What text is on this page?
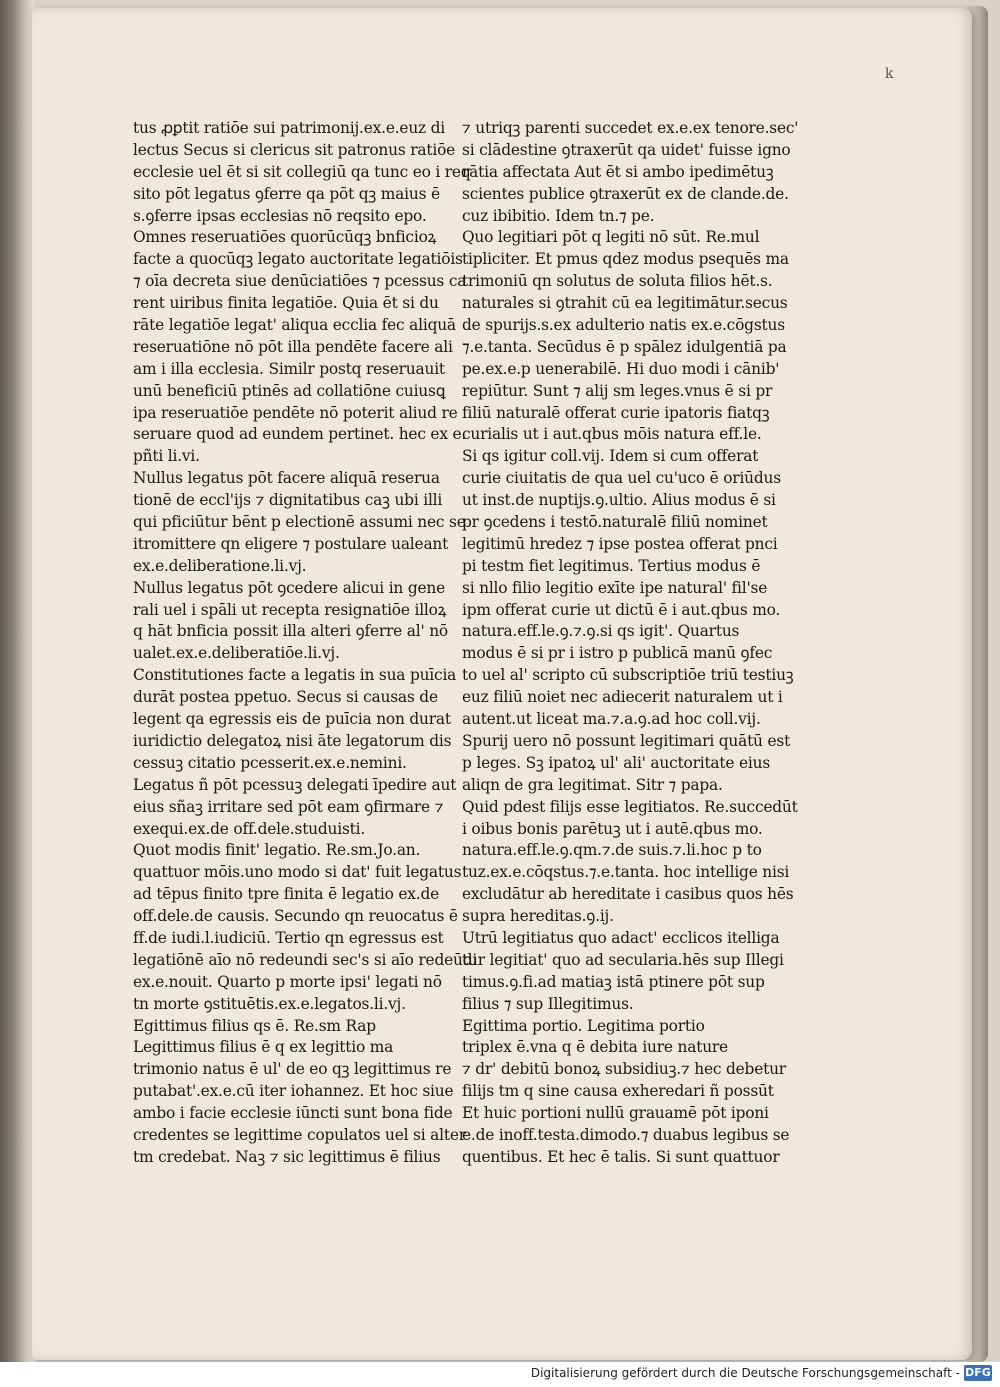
k
tus ꝓꝑtit ratiōe sui patrimonij.ex.e.euz di
lectus Secus si clericus sit patronus ratiōe
ecclesie uel ēt si sit collegiū qa tunc eo i req
sito pōt legatus ꝯferre qa pōt qꝫ maius ē
s.ꝯferre ipsas ecclesias nō reqsito epo.
Omnes reseruatiōes quorūcūqꝫ bnficioꝝ
facte a quocūqꝫ legato auctoritate legatiōis
⁊ oīa decreta siue denūciatiōes ⁊ pcessus ca
rent uiribus finita legatiōe. Quia ēt si du
rāte legatiōe legat' aliqua ecclia fec aliquā
reseruatiōne nō pōt illa pendēte facere ali
am i illa ecclesia. Similr postq reseruauit
unū beneficiū ptinēs ad collatiōne cuiusꝗ
ipa reseruatiōe pendēte nō poterit aliud re
seruare quod ad eundem pertinet. hec ex e.
pñti li.vi.
Nullus legatus pōt facere aliquā reserua
tionē de eccl'ijs ⁊ dignitatibus caꝫ ubi illi
qui pficiūtur bēnt p electionē assumi nec se
itromittere qn eligere ⁊ postulare ualeant
ex.e.deliberatione.li.vj.
Nullus legatus pōt ꝯcedere alicui in gene
rali uel i spāli ut recepta resignatiōe illoꝝ
q hāt bnficia possit illa alteri ꝯferre al' nō
ualet.ex.e.deliberatiōe.li.vj.
Constitutiones facte a legatis in sua puīcia
durāt postea ppetuo. Secus si causas de
legent qa egressis eis de puīcia non durat
iuridictio delegatoꝝ nisi āte legatorum dis
cessuꝫ citatio pcesserit.ex.e.nemini.
Legatus ñ pōt pcessuꝫ delegati īpedire aut
eius sñaꝫ irritare sed pōt eam ꝯfirmare ⁊
exequi.ex.de off.dele.studuisti.
Quot modis finit' legatio. Re.sm.Jo.an.
quattuor mōis.uno modo si dat' fuit legatus
ad tēpus finito tpre finita ē legatio ex.de
off.dele.de causis. Secundo qn reuocatus ē
ff.de iudi.l.iudiciū. Tertio qn egressus est
legatiōnē aīo nō redeundi sec's si aīo redeūdi
ex.e.nouit. Quarto p morte ipsi' legati nō
tn morte ꝯstituētis.ex.e.legatos.li.vj.
Egittimus filius qs ē. Re.sm Rap
Legittimus filius ē q ex legittio ma
trimonio natus ē ul' de eo qꝫ legittimus re
putabat'.ex.e.cū iter iohannez. Et hoc siue
ambo i facie ecclesie iūncti sunt bona fide
credentes se legittime copulatos uel si alter
tm credebat. Naꝫ ⁊ sic legittimus ē filius
⁊ utriqꝫ parenti succedet ex.e.ex tenore.sec'
si clādestine ꝯtraxerūt qa uidet' fuisse igno
rātia affectata Aut ēt si ambo ipedimētuꝫ
scientes publice ꝯtraxerūt ex de clande.de.
cuz ibibitio. Idem tn.⁊ pe.
Quo legitiari pōt q legiti nō sūt. Re.mul
tipliciter. Et pmus qdez modus psequēs ma
trimoniū qn solutus de soluta filios hēt.s.
naturales si ꝯtrahit cū ea legitimātur.secus
de spurijs.s.ex adulterio natis ex.e.cōgstus
⁊.e.tanta. Secūdus ē p spālez idulgentiā pa
pe.ex.e.p uenerabilē. Hi duo modi i cānib'
repiūtur. Sunt ⁊ alij sm leges.vnus ē si pr
filiū naturalē offerat curie ipatoris fiatqꝫ
curialis ut i aut.qbus mōis natura eff.le.
Si qs igitur coll.vij. Idem si cum offerat
curie ciuitatis de qua uel cu'uco ē oriūdus
ut inst.de nuptijs.ꝯ.ultio. Alius modus ē si
pr ꝯcedens i testō.naturalē filiū nominet
legitimū hredez ⁊ ipse postea offerat pnci
pi testm fiet legitimus. Tertius modus ē
si nllo filio legitio exīte ipe natural' fil'se
ipm offerat curie ut dictū ē i aut.qbus mo.
natura.eff.le.ꝯ.⁊.ꝯ.si qs igit'. Quartus
modus ē si pr i istro p publicā manū ꝯfec
to uel al' scripto cū subscriptiōe triū testiuꝫ
euz filiū noiet nec adiecerit naturalem ut i
autent.ut liceat ma.⁊.a.ꝯ.ad hoc coll.vij.
Spurij uero nō possunt legitimari quātū est
p leges. Sꝫ ipatoꝝ ul' ali' auctoritate eius
aliqn de gra legitimat. Sitr ⁊ papa.
Quid pdest filijs esse legitiatos. Re.succedūt
i oibus bonis parētuꝫ ut i autē.qbus mo.
natura.eff.le.ꝯ.qm.⁊.de suis.⁊.li.hoc p to
tuz.ex.e.cōqstus.⁊.e.tanta. hoc intellige nisi
excludātur ab hereditate i casibus quos hēs
supra hereditas.ꝯ.ij.
Utrū legitiatus quo adact' ecclicos itelliga
tur legitiat' quo ad secularia.hēs sup Illegi
timus.ꝯ.fi.ad matiaꝫ istā ptinere pōt sup
filius ⁊ sup Illegitimus.
Egittima portio. Legitima portio
triplex ē.vna q ē debita iure nature
⁊ dr' debitū bonoꝝ subsidiuꝫ.⁊ hec debetur
filijs tm q sine causa exheredari ñ possūt
Et huic portioni nullū grauamē pōt iponi
e.de inoff.testa.dimodo.⁊ duabus legibus se
quentibus. Et hec ē talis. Si sunt quattuor
Digitalisierung gefördert durch die Deutsche Forschungsgemeinschaft - DFG
